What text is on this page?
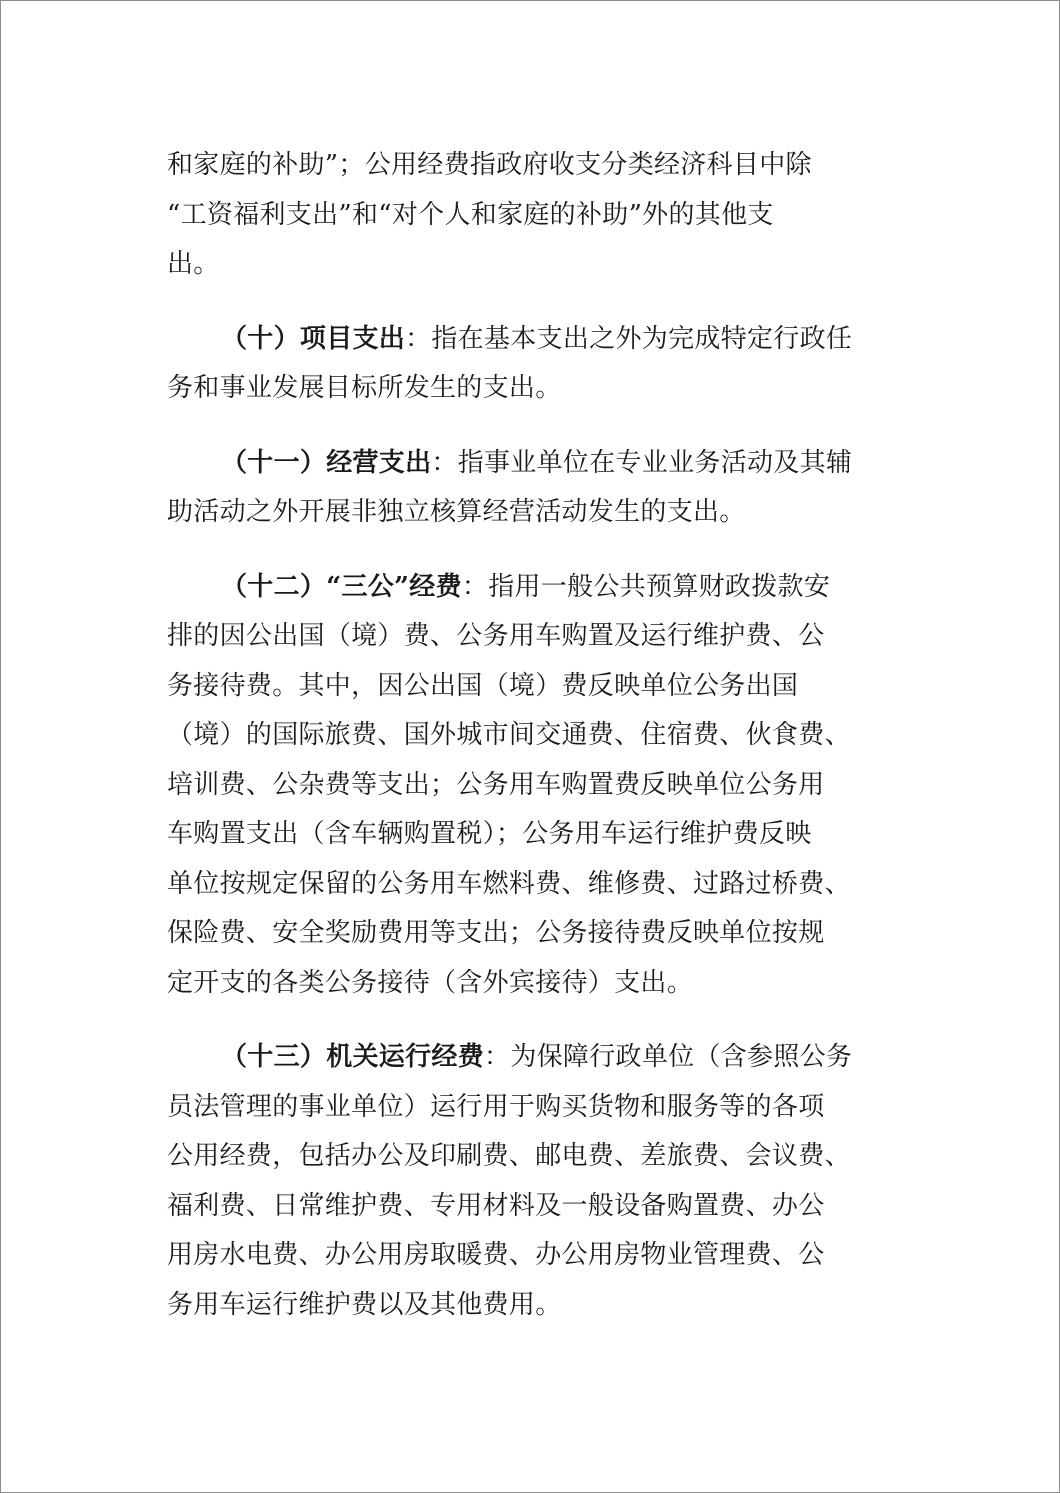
和家庭的补助”；公用经费指政府收支分类经济科目中除
“工资福利支出”和“对个人和家庭的补助”外的其他支
出。

（十）项目支出：指在基本支出之外为完成特定行政任
务和事业发展目标所发生的支出。

（十一）经营支出：指事业单位在专业业务活动及其辅
助活动之外开展非独立核算经营活动发生的支出。

（十二）“三公”经费：指用一般公共预算财政拨款安
排的因公出国（境）费、公务用车购置及运行维护费、公
务接待费。其中，因公出国（境）费反映单位公务出国
（境）的国际旅费、国外城市间交通费、住宿费、伙食费、
培训费、公杂费等支出；公务用车购置费反映单位公务用
车购置支出（含车辆购置税）；公务用车运行维护费反映
单位按规定保留的公务用车燃料费、维修费、过路过桥费、
保险费、安全奖励费用等支出；公务接待费反映单位按规
定开支的各类公务接待（含外宾接待）支出。

（十三）机关运行经费：为保障行政单位（含参照公务
员法管理的事业单位）运行用于购买货物和服务等的各项
公用经费，包括办公及印刷费、邮电费、差旅费、会议费、
福利费、日常维护费、专用材料及一般设备购置费、办公
用房水电费、办公用房取暖费、办公用房物业管理费、公
务用车运行维护费以及其他费用。
